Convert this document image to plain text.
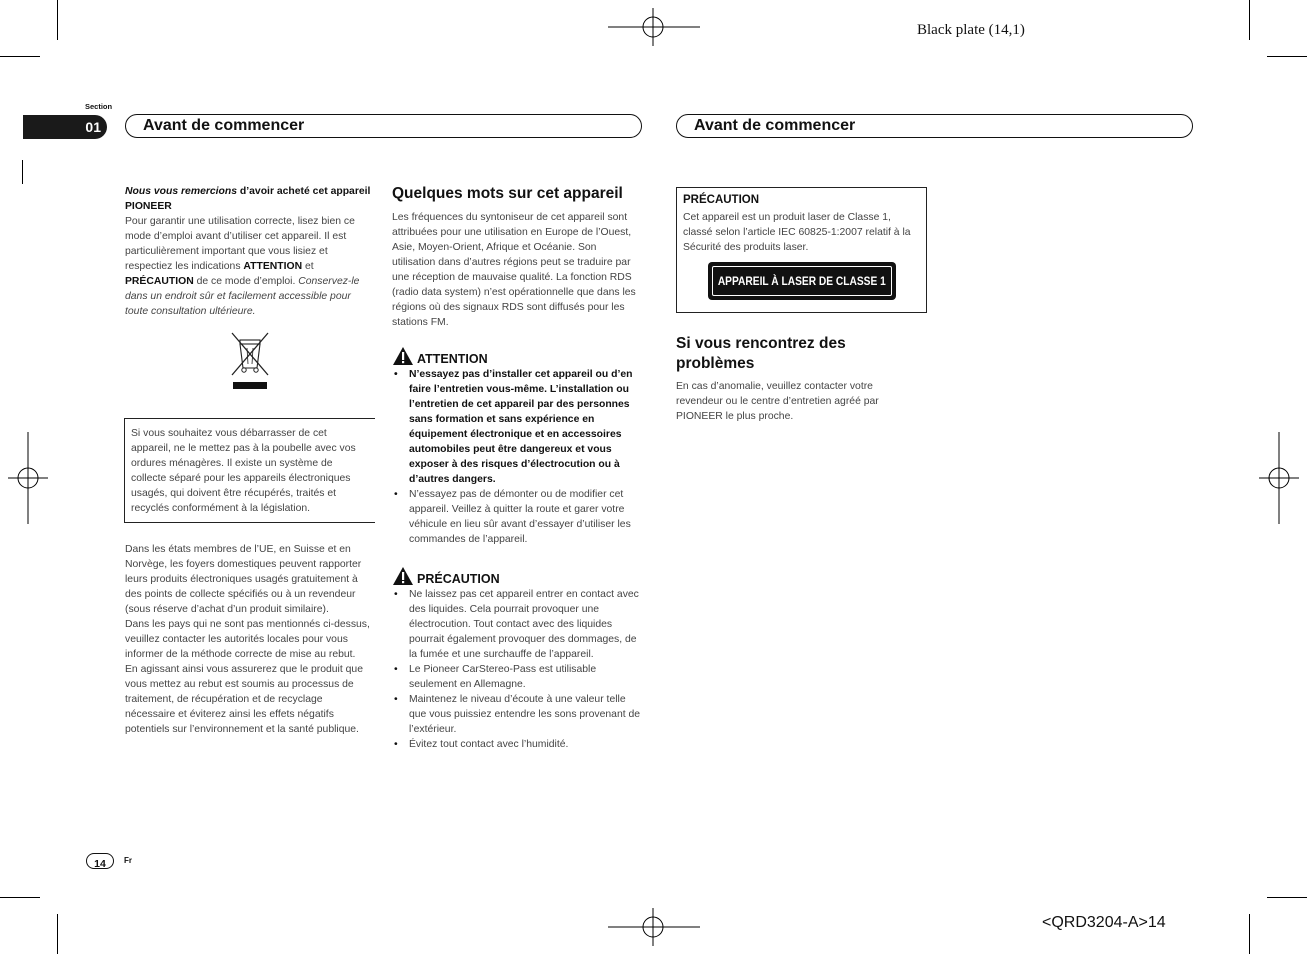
Black plate (14,1)
Section
01	Avant de commencer	Avant de commencer
Nous vous remercions d’avoir acheté cet appareil PIONEER
Pour garantir une utilisation correcte, lisez bien ce mode d’emploi avant d’utiliser cet appareil. Il est particulièrement important que vous lisiez et respectiez les indications ATTENTION et PRÉCAUTION de ce mode d’emploi. Conservez-le dans un endroit sûr et facilement accessible pour toute consultation ultérieure.
Si vous souhaitez vous débarrasser de cet appareil, ne le mettez pas à la poubelle avec vos ordures ménagères. Il existe un système de collecte séparé pour les appareils électroniques usagés, qui doivent être récupérés, traités et recyclés conformément à la législation.
Dans les états membres de l’UE, en Suisse et en Norvège, les foyers domestiques peuvent rapporter leurs produits électroniques usagés gratuitement à des points de collecte spécifiés ou à un revendeur (sous réserve d’achat d’un produit similaire).
Dans les pays qui ne sont pas mentionnés ci-dessus, veuillez contacter les autorités locales pour vous informer de la méthode correcte de mise au rebut.
En agissant ainsi vous assurerez que le produit que vous mettez au rebut est soumis au processus de traitement, de récupération et de recyclage nécessaire et éviterez ainsi les effets négatifs potentiels sur l’environnement et la santé publique.
Quelques mots sur cet appareil
Les fréquences du syntoniseur de cet appareil sont attribuées pour une utilisation en Europe de l’Ouest, Asie, Moyen-Orient, Afrique et Océanie. Son utilisation dans d’autres régions peut se traduire par une réception de mauvaise qualité. La fonction RDS (radio data system) n’est opérationnelle que dans les régions où des signaux RDS sont diffusés pour les stations FM.
ATTENTION
• N’essayez pas d’installer cet appareil ou d’en faire l’entretien vous-même. L’installation ou l’entretien de cet appareil par des personnes sans formation et sans expérience en équipement électronique et en accessoires automobiles peut être dangereux et vous exposer à des risques d’électrocution ou à d’autres dangers.
• N’essayez pas de démonter ou de modifier cet appareil. Veillez à quitter la route et garer votre véhicule en lieu sûr avant d’essayer d’utiliser les commandes de l’appareil.
PRÉCAUTION
• Ne laissez pas cet appareil entrer en contact avec des liquides. Cela pourrait provoquer une électrocution. Tout contact avec des liquides pourrait également provoquer des dommages, de la fumée et une surchauffe de l’appareil.
• Le Pioneer CarStereo-Pass est utilisable seulement en Allemagne.
• Maintenez le niveau d’écoute à une valeur telle que vous puissiez entendre les sons provenant de l’extérieur.
• Évitez tout contact avec l’humidité.
PRÉCAUTION
Cet appareil est un produit laser de Classe 1, classé selon l’article IEC 60825-1:2007 relatif à la Sécurité des produits laser.
APPAREIL À LASER DE CLASSE 1
Si vous rencontrez des problèmes
En cas d’anomalie, veuillez contacter votre revendeur ou le centre d’entretien agréé par PIONEER le plus proche.
14	Fr
<QRD3204-A>14
